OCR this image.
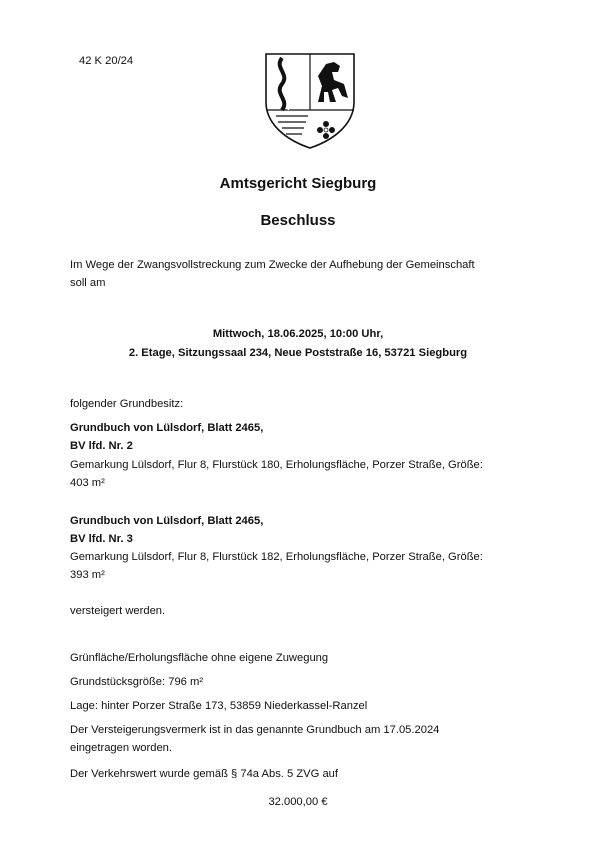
42 K 20/24
Amtsgericht Siegburg
Beschluss
Im Wege der Zwangsvollstreckung zum Zwecke der Aufhebung der Gemeinschaft
soll am
Mittwoch, 18.06.2025, 10:00 Uhr,
2. Etage, Sitzungssaal 234, Neue Poststraße 16, 53721 Siegburg
folgender Grundbesitz:
Grundbuch von Lülsdorf, Blatt 2465,
BV lfd. Nr. 2
Gemarkung Lülsdorf, Flur 8, Flurstück 180, Erholungsfläche, Porzer Straße, Größe:
403 m²
Grundbuch von Lülsdorf, Blatt 2465,
BV lfd. Nr. 3
Gemarkung Lülsdorf, Flur 8, Flurstück 182, Erholungsfläche, Porzer Straße, Größe:
393 m²
versteigert werden.
Grünfläche/Erholungsfläche ohne eigene Zuwegung
Grundstücksgröße: 796 m²
Lage: hinter Porzer Straße 173, 53859 Niederkassel-Ranzel
Der Versteigerungsvermerk ist in das genannte Grundbuch am 17.05.2024
eingetragen worden.
Der Verkehrswert wurde gemäß § 74a Abs. 5 ZVG auf
32.000,00 €
